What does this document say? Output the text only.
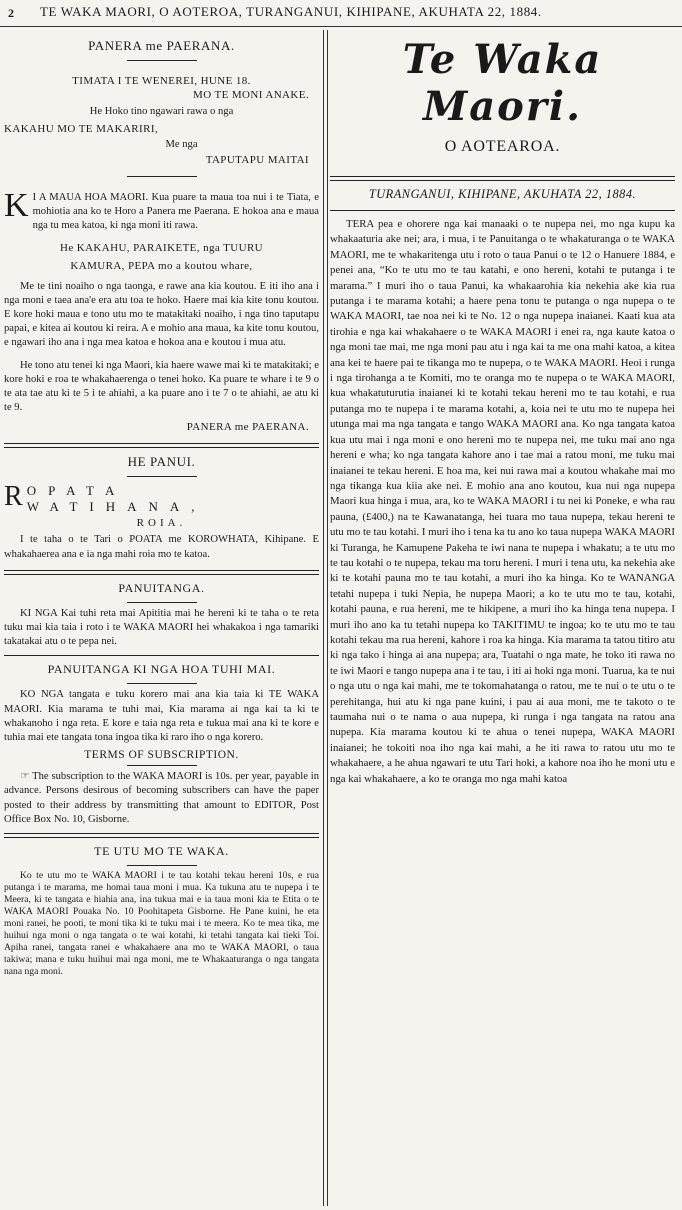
2 TE WAKA MAORI, O AOTEROA, TURANGANUI, KIHIPANE, AKUHATA 22, 1884.
PANERA me PAERANA.
TIMATA I TE WENEREI, HUNE 18.
MO TE MONI ANAKE.
He Hoko tino ngawari rawa o nga
KAKAHU MO TE MAKARIRI,
Me nga
TAPUTAPU MAITAI
K I A MAUA HOA MAORI. Kua puare ta maua toa nui i te Tiata, e mohiotia ana ko te Horo a Panera me Paerana. E hokoa ana e maua nga tu mea katoa, ki nga moni iti rawa.

He KAKAHU, PARAIKETE, nga TUURU
KAMURA, PEPA mo a koutou whare,

Me te tini noaiho o nga taonga, e rawe ana kia koutou. E iti iho ana i nga moni e taea ana'e era atu toa te hoko. Haere mai kia kite tonu koutou. E kore hoki maua e tono utu mo te matakitaki noaiho, i nga tino taputapu papai, e kitea ai koutou ki reira. A e mohio ana maua, ka kite tonu koutou, e ngawari iho ana i nga mea katoa e hokoa ana e koutou i mua atu.

He tono atu tenei ki nga Maori, kia haere wawe mai ki te matakitaki; e kore hoki e roa te whakahaerenga o tenei hoko. Ka puare te whare i te 9 o te ata tae atu ki te 5 i te ahiahi, a ka puare ano i te 7 o te ahiahi, ae atu ki te 9.

PANERA me PAERANA.
HE PANUI.
R OPATA WATIHANA,
ROIA.

I te taha o te Tari o POATA me KOROWHATA, Kihipane. E whakahaerea ana e ia nga mahi roia mo te katoa.

PANUITANGA.

KI NGA Kai tuhi reta mai Apititia mai he hereni ki te taha o te reta tuku mai kia taia i roto i te WAKA MAORI hei whakakoa i nga tamariki takatakai atu o te pepa nei.

PANUITANGA KI NGA HOA TUHI MAI.

KO NGA tangata e tuku korero mai ana kia taia ki TE WAKA MAORI. Kia marama te tuhi mai, Kia marama ai nga kai ta ki te whakanoho i nga reta. E kore e taia nga reta e tukua mai ana ki te kore e tuhia mai ete tangata tona ingoa tika ki raro iho o nga korero.

TERMS OF SUBSCRIPTION.

☞ The subscription to the WAKA MAORI is 10s. per year, payable in advance. Persons desirous of becoming subscribers can have the paper posted to their address by transmitting that amount to EDITOR, Post Office Box No. 10, Gisborne.

TE UTU MO TE WAKA.

Ko te utu mo te WAKA MAORI i te tau kotahi tekau hereni 10s, e rua putanga i te marama, me homai taua moni i mua. Ka tukuna atu te nupepa i te Meera, ki te tangata e hiahia ana, ina tukua mai e ia taua moni kia te Etita o te WAKA MAORI Pouaka No. 10 Poohitapeta Gisborne. He Pane kuini, he eta moni ranei, he pooti, te moni tika ki te tuku mai i te meera. Ko te mea tika, me huihui nga moni o nga tangata o te wai kotahi, ki tetahi tangata kai tieki Toi. Apiha ranei, tangata ranei e whakahaere ana mo te WAKA MAORI, o taua takiwa; mana e tuku huihui mai nga moni, me te Whakaaturanga o nga tangata nana nga moni.

Te Waka Maori.
O AOTEAROA.
TURANGANUI, KIHIPANE, AKUHATA 22, 1884.

TERA pea e ohorere nga kai manaaki o te nupepa nei, mo nga kupu ka whakaaturia ake nei; ara, i mua, i te Panuitanga o te whakaturanga o te WAKA MAORI, me te whakaritenga utu i roto o taua Panui o te 12 o Hanuere 1884, e penei ana, “Ko te utu mo te tau katahi, e ono hereni, kotahi te putanga i te marama.” I muri iho o taua Panui, ka whakaarohia kia nekehia ake kia rua putanga i te marama kotahi; a haere pena tonu te putanga o nga nupepa o te WAKA MAORI, tae noa nei ki te No. 12 o nga nupepa inaianei. Kaati kua ata tirohia e nga kai whakahaere o te WAKA MAORI i enei ra, nga kaute katoa o nga moni tae mai, me nga moni pau atu i nga kai ta me ona mahi katoa, a kitea ana kei te haere pai te tikanga mo te nupepa, o te WAKA MAORI. Heoi i runga i nga tirohanga a te Komiti, mo te oranga mo te nupepa o te WAKA MAORI, kua whakatuturutia inaianei ki te kotahi tekau hereni mo te tau kotahi, e rua putanga mo te nupepa i te marama kotahi, a, koia nei te utu mo te nupepa hei utunga mai ma nga tangata e tango WAKA MAORI ana. Ko nga tangata katoa kua utu mai i nga moni e ono hereni mo te nupepa nei, me tuku mai ano nga hereni e wha; ko nga tangata kahore ano i tae mai a ratou moni, me tuku mai inaianei te tekau hereni. E hoa ma, kei nui rawa mai a koutou whakahe mai mo nga tikanga kua kiia ake nei. E mohio ana ano koutou, kua nui nga nupepa Maori kua hinga i mua, ara, ko te WAKA MAORI i tu nei ki Poneke, e wha rau pauna, (£400,) na te Kawanatanga, hei tuara mo taua nupepa, tekau hereni te utu mo te tau kotahi. I muri iho i tena ka tu ano ko taua nupepa WAKA MAORI ki Turanga, he Kamupene Pakeha te iwi nana te nupepa i whakatu; a te utu mo te tau kotahi o te nupepa, tekau ma toru hereni. I muri i tena utu, ka nekehia ake ki te kotahi pauna mo te tau kotahi, a muri iho ka hinga. Ko te WANANGA tetahi nupepa i tuki Nepia, he nupepa Maori; a ko te utu mo te tau, kotahi, kotahi pauna, e rua hereni, me te hikipene, a muri iho ka hinga tena nupepa. I muri iho ano ka tu tetahi nupepa ko TAKITIMU te ingoa; ko te utu mo te tau kotahi tekau ma rua hereni, kahore i roa ka hinga. Kia marama ta tatou titiro atu ki nga tako i hinga ai ana nupepa; ara, Tuatahi o nga mate, he toko iti rawa no te iwi Maori e tango nupepa ana i te tau, i iti ai hoki nga moni. Tuarua, ka te nui o nga utu o nga kai mahi, me te tokomahatanga o ratou, me te nui o te utu o te perehitanga, hui atu ki nga pane kuini, i pau ai aua moni, me te takoto o te taumaha nui o te nama o aua nupepa, ki runga i nga tangata na ratou ana nupepa. Kia marama koutou ki te ahua o tenei nupepa, WAKA MAORI inaianei; he tokoiti noa iho nga kai mahi, a he iti rawa to ratou utu mo te whakahaere, a he ahua ngawari te utu Tari hoki, a kahore noa iho he moni utu e nga kai whakahaere, a ko te oranga mo nga mahi katoa
